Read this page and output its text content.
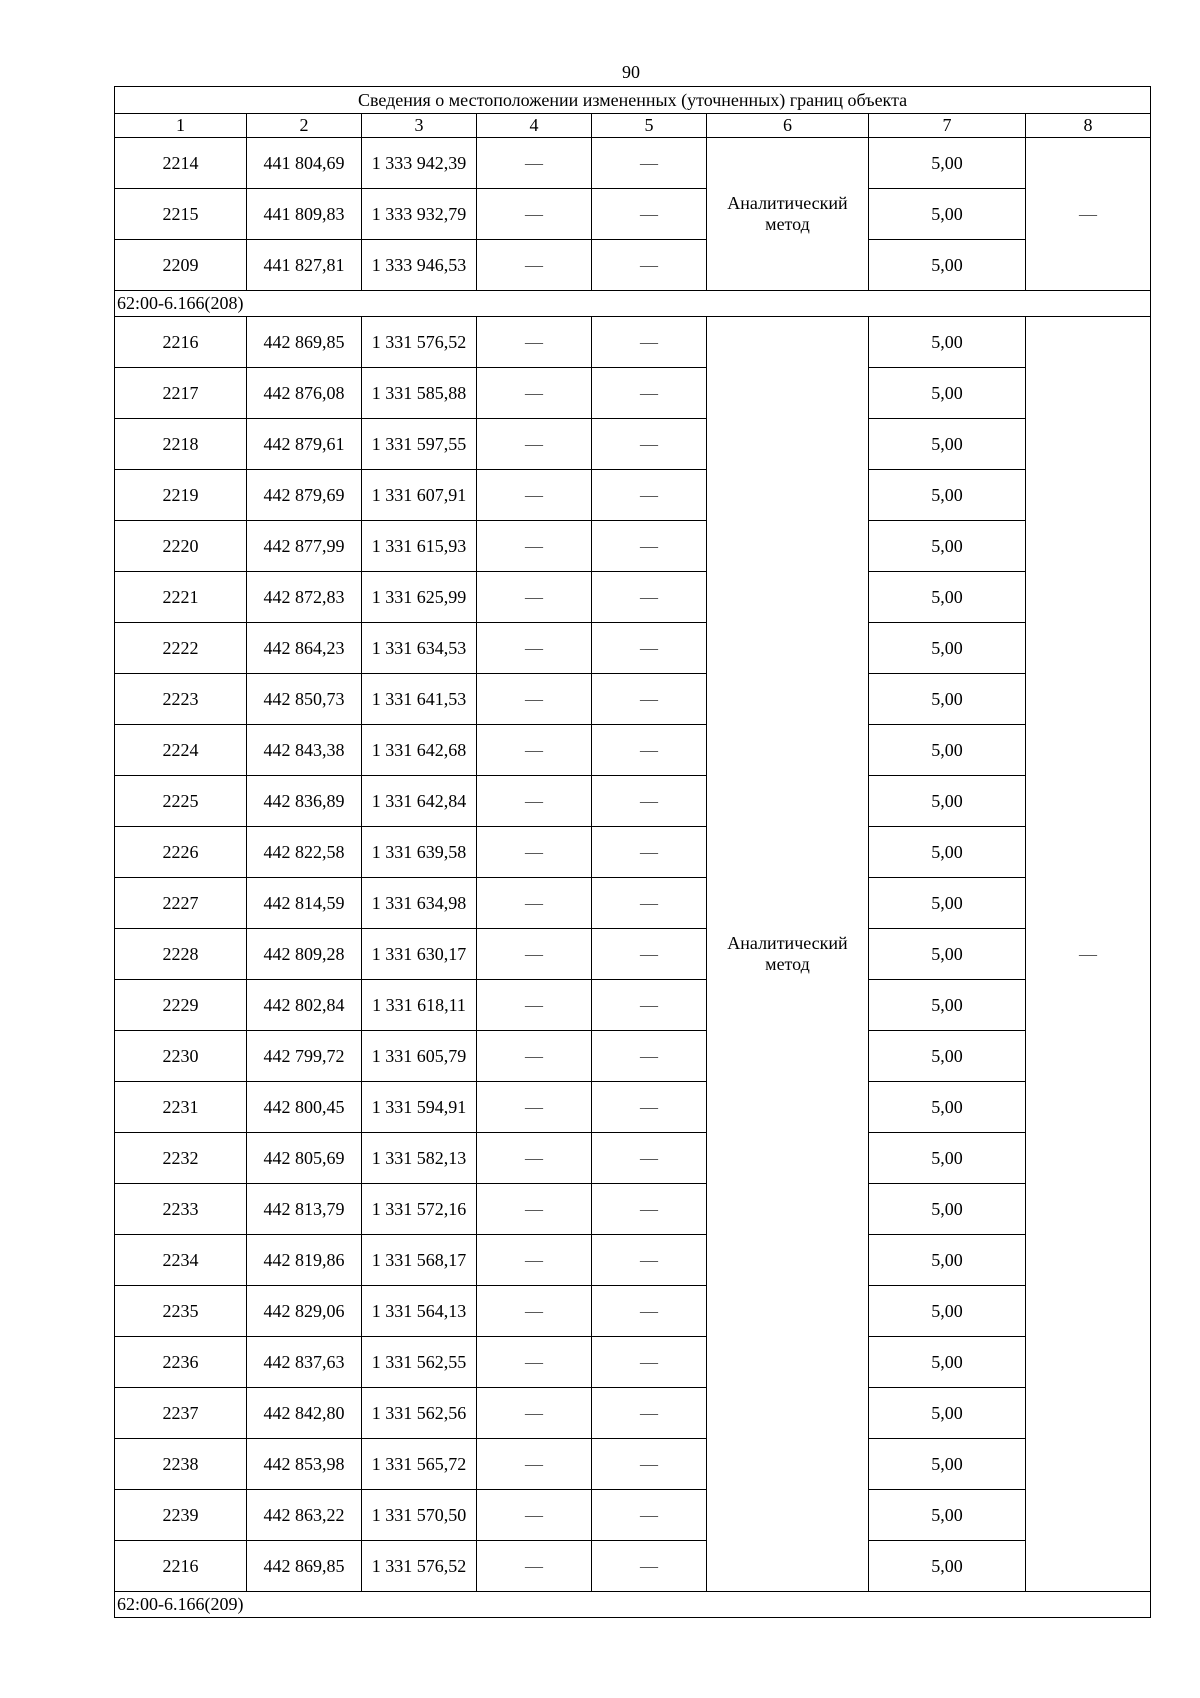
90
Сведения о местоположении измененных (уточненных) границ объекта							
1	2	3	4	5	6	7	8
2214	441 804,69	1 333 942,39	—	—	Аналитический метод	5,00	—
2215	441 809,83	1 333 932,79	—	—		5,00	
2209	441 827,81	1 333 946,53	—	—		5,00	
62:00-6.166(208)							
2216	442 869,85	1 331 576,52	—	—	Аналитический метод	5,00	—
2217	442 876,08	1 331 585,88	—	—		5,00	
2218	442 879,61	1 331 597,55	—	—		5,00	
2219	442 879,69	1 331 607,91	—	—		5,00	
2220	442 877,99	1 331 615,93	—	—		5,00	
2221	442 872,83	1 331 625,99	—	—		5,00	
2222	442 864,23	1 331 634,53	—	—		5,00	
2223	442 850,73	1 331 641,53	—	—		5,00	
2224	442 843,38	1 331 642,68	—	—		5,00	
2225	442 836,89	1 331 642,84	—	—		5,00	
2226	442 822,58	1 331 639,58	—	—		5,00	
2227	442 814,59	1 331 634,98	—	—		5,00	
2228	442 809,28	1 331 630,17	—	—		5,00	
2229	442 802,84	1 331 618,11	—	—		5,00	
2230	442 799,72	1 331 605,79	—	—		5,00	
2231	442 800,45	1 331 594,91	—	—		5,00	
2232	442 805,69	1 331 582,13	—	—		5,00	
2233	442 813,79	1 331 572,16	—	—		5,00	
2234	442 819,86	1 331 568,17	—	—		5,00	
2235	442 829,06	1 331 564,13	—	—		5,00	
2236	442 837,63	1 331 562,55	—	—		5,00	
2237	442 842,80	1 331 562,56	—	—		5,00	
2238	442 853,98	1 331 565,72	—	—		5,00	
2239	442 863,22	1 331 570,50	—	—		5,00	
2216	442 869,85	1 331 576,52	—	—		5,00	
62:00-6.166(209)							
